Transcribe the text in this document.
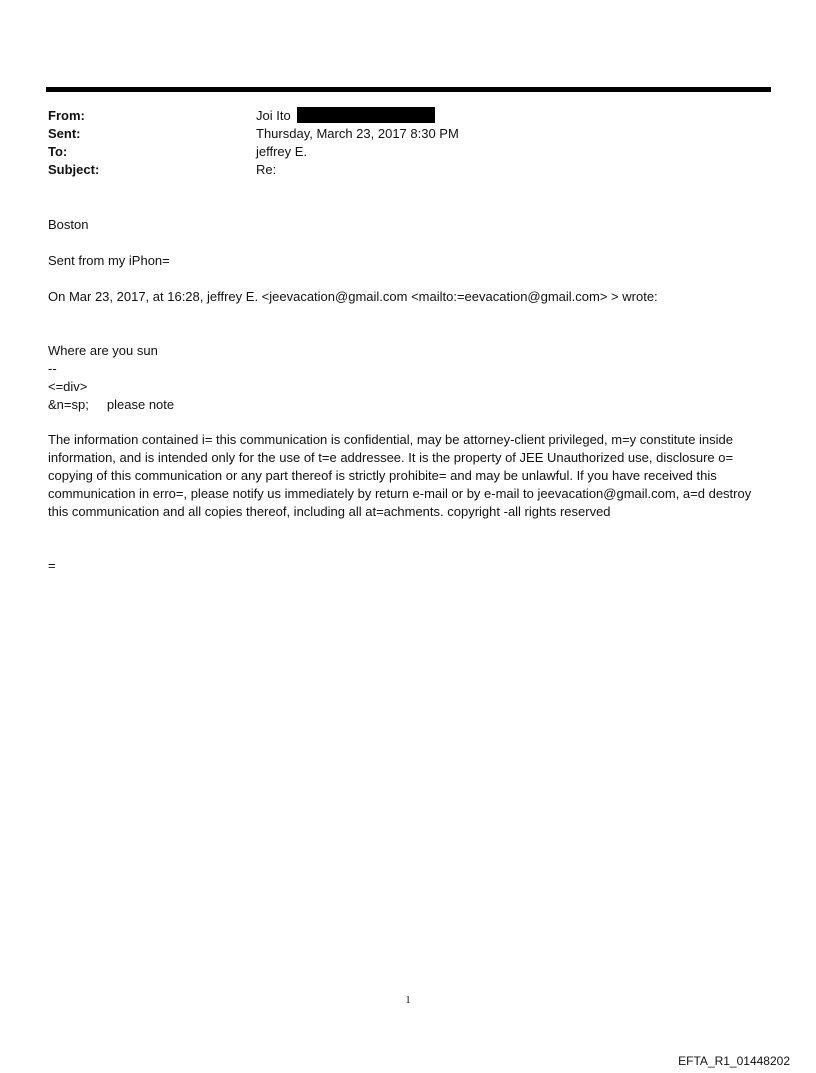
From:	Joi Ito
Sent:	Thursday, March 23, 2017 8:30 PM
To:	jeffrey E.
Subject:	Re:
Boston
Sent from my iPhon=
On Mar 23, 2017, at 16:28, jeffrey E. <jeevacation@gmail.com <mailto:=eevacation@gmail.com> > wrote:
Where are you sun
--
<=div>
&n=sp;     please note
The information contained i= this communication is confidential, may be attorney-client privileged, m=y constitute inside information, and is intended only for the use of t=e addressee. It is the property of JEE Unauthorized use, disclosure o= copying of this communication or any part thereof is strictly prohibite= and may be unlawful. If you have received this communication in erro=, please notify us immediately by return e-mail or by e-mail to jeevacation@gmail.com, a=d destroy this communication and all copies thereof, including all at=achments. copyright -all rights reserved
=
1
EFTA_R1_01448202
